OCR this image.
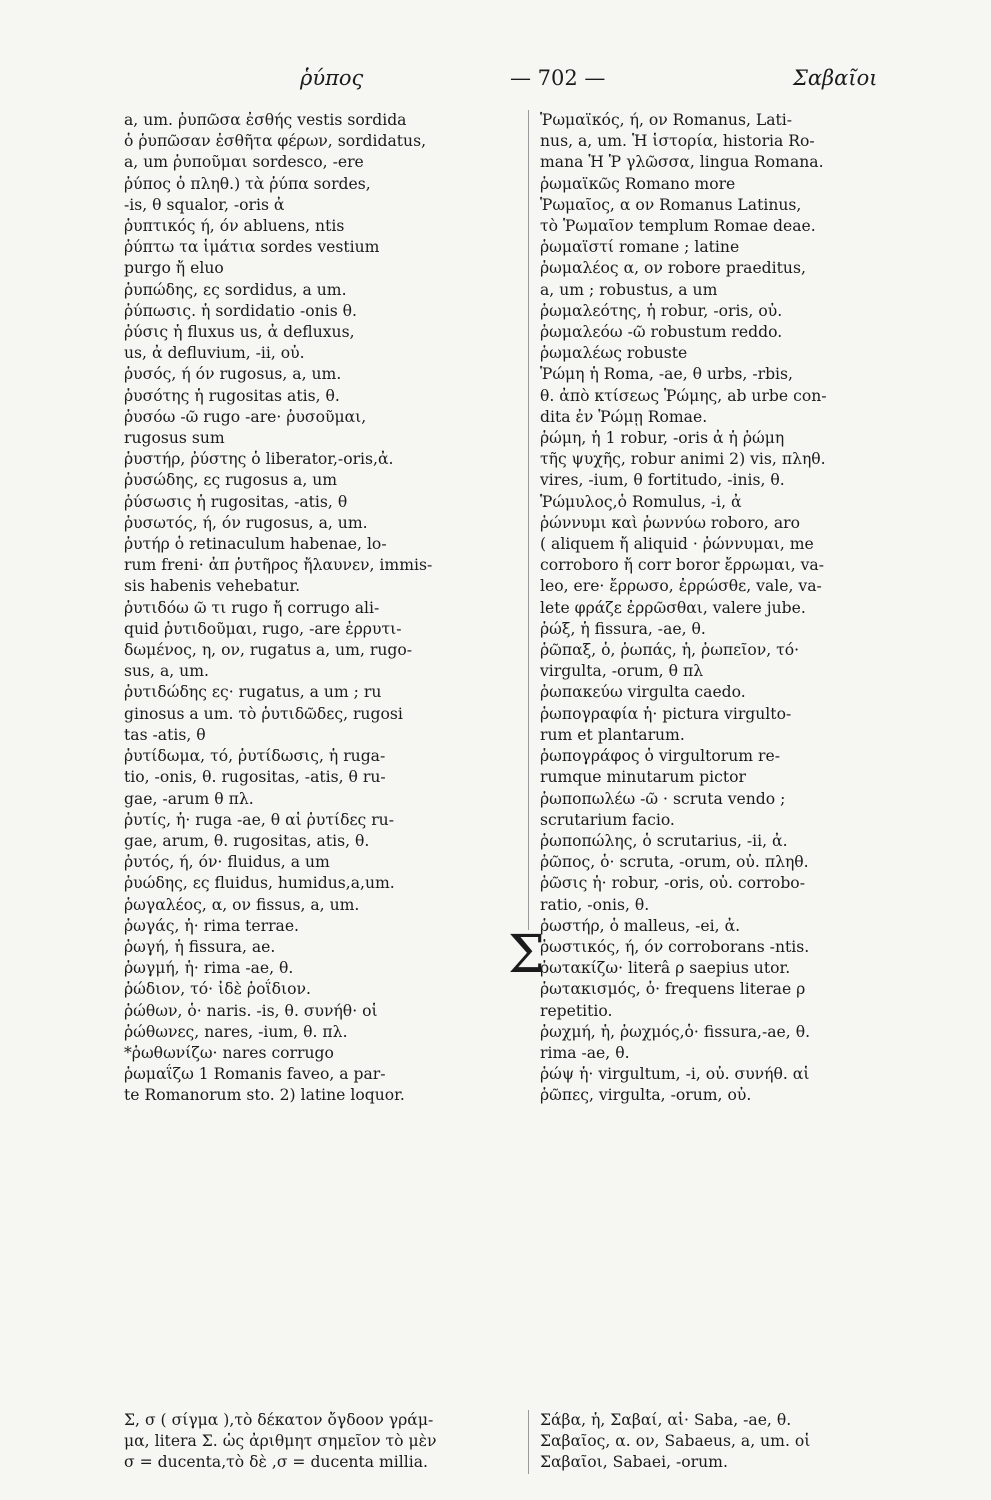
ῥύπος	— 702 —	Σαβαῖοι
a, um. ῥυπῶσα ἐσθής vestis sordida
ὁ ῥυπῶσαν ἐσθῆτα φέρων, sordidatus,
a, um ῥυποῦμαι sordesco, -ere
ῥύπος ὁ πληθ.) τὰ ῥύπα sordes,
-is, θ squalor, -oris ἀ
ῥυπτικός ή, όν abluens, ntis
ῥύπτω τα ἱμάτια sordes vestium
purgo ἤ eluo
ῥυπώδης, ες sordidus, a um.
ῥύπωσις. ἡ sordidatio -onis θ.
ῥύσις ἡ fluxus us, ἀ defluxus,
us, ἀ defluvium, -ii, οὐ.
ῥυσός, ή όν rugosus, a, um.
ῥυσότης ἡ rugositas atis, θ.
ῥυσόω -ῶ rugo -are· ῥυσοῦμαι,
rugosus sum
ῥυστήρ, ῥύστης ὁ liberator,-oris,ἀ.
ῥυσώδης, ες rugosus a, um
ῥύσωσις ἡ rugositas, -atis, θ
ῥυσωτός, ή, όν rugosus, a, um.
ῥυτήρ ὁ retinaculum habenae, lo-
rum freni· ἀπ ῥυτῆρος ἤλαυνεν, immis-
sis habenis vehebatur.
ῥυτιδόω ῶ τι rugo ἤ corrugo ali-
quid ῥυτιδοῦμαι, rugo, -are ἐρρυτι-
δωμένος, η, ον, rugatus a, um, rugo-
sus, a, um.
ῥυτιδώδης ες· rugatus, a um ; ru
ginosus a um. τὸ ῥυτιδῶδες, rugosi
tas -atis, θ
ῥυτίδωμα, τό, ῥυτίδωσις, ἡ ruga-
tio, -onis, θ. rugositas, -atis, θ ru-
gae, -arum θ πλ.
ῥυτίς, ἡ· ruga -ae, θ αἱ ῥυτίδες ru-
gae, arum, θ. rugositas, atis, θ.
ῥυτός, ή, όν· fluidus, a um
ῥυώδης, ες fluidus, humidus,a,um.
ῥωγαλέος, α, ον fissus, a, um.
ῥωγάς, ἡ· rima terrae.
ῥωγή, ἡ fissura, ae.
ῥωγμή, ἡ· rima -ae, θ.
ῥώδιον, τό· ἰδὲ ῥοΐδιον.
ῥώθων, ὁ· naris. -is, θ. συνήθ· οἱ
ῥώθωνες, nares, -ium, θ. πλ.
*ῥωθωνίζω· nares corrugo
ῥωμαΐζω 1 Romanis faveo, a par-
te Romanorum sto. 2) latine loquor.
Ῥωμαϊκός, ή, ον Romanus, Lati-
nus, a, um. Ἡ ἱστορία, historia Ro-
mana Ἡ Ῥ γλῶσσα, lingua Romana.
ῥωμαϊκῶς Romano more
Ῥωμαῖος, α ον Romanus Latinus,
τὸ Ῥωμαῖον templum Romae deae.
ῥωμαϊστί romane ; latine
ῥωμαλέος α, ον robore praeditus,
a, um ; robustus, a um
ῥωμαλεότης, ἡ robur, -oris, οὐ.
ῥωμαλεόω -ῶ robustum reddo.
ῥωμαλέως robuste
Ῥώμη ἡ Roma, -ae, θ urbs, -rbis,
θ. ἀπὸ κτίσεως Ῥώμης, ab urbe con-
dita ἐν Ῥώμῃ Romae.
ῥώμη, ἡ 1 robur, -oris ἀ ἡ ῥώμη
τῆς ψυχῆς, robur animi 2) vis, πληθ.
vires, -ium, θ fortitudo, -inis, θ.
Ῥώμυλος,ὁ Romulus, -i, ἀ
ῥώννυμι καὶ ῥωννύω roboro, aro
( aliquem ἤ aliquid · ῥώννυμαι, me
corroboro ἤ corr boror ἔρρωμαι, va-
leo, ere· ἔρρωσο, ἐρρώσθε, vale, va-
lete φράζε ἐρρῶσθαι, valere jube.
ῥώξ, ἡ fissura, -ae, θ.
ῥῶπαξ, ὁ, ῥωπάς, ἡ, ῥωπεῖον, τό·
virgulta, -orum, θ πλ
ῥωπακεύω virgulta caedo.
ῥωπογραφία ἡ· pictura virgulto-
rum et plantarum.
ῥωπογράφος ὁ virgultorum re-
rumque minutarum pictor
ῥωποπωλέω -ῶ · scruta vendo ;
scrutarium facio.
ῥωποπώλης, ὁ scrutarius, -ii, ἀ.
ῥῶπος, ὁ· scruta, -orum, οὐ. πληθ.
ῥῶσις ἡ· robur, -oris, οὐ. corrobo-
ratio, -onis, θ.
ῥωστήρ, ὁ malleus, -ei, ἀ.
ῥωστικός, ή, όν corroborans -ntis.
ῥωτακίζω· literâ ρ saepius utor.
ῥωτακισμός, ὁ· frequens literae ρ
repetitio.
ῥωχμή, ἡ, ῥωχμός,ὁ· fissura,-ae, θ.
rima -ae, θ.
ῥώψ ἡ· virgultum, -i, οὐ. συνήθ. αἱ
ῥῶπες, virgulta, -orum, οὐ.
Σ
Σ, σ ( σίγμα ),τὸ δέκατον ὄγδοον γράμ-
μα, litera Σ. ὡς ἀριθμητ σημεῖον τὸ μὲν
σ = ducenta,τὸ δὲ ,σ = ducenta millia.
Σάβα, ἡ, Σαβαί, αἱ· Saba, -ae, θ.
Σαβαῖος, α. ον, Sabaeus, a, um. οἱ
Σαβαῖοι, Sabaei, -orum.
